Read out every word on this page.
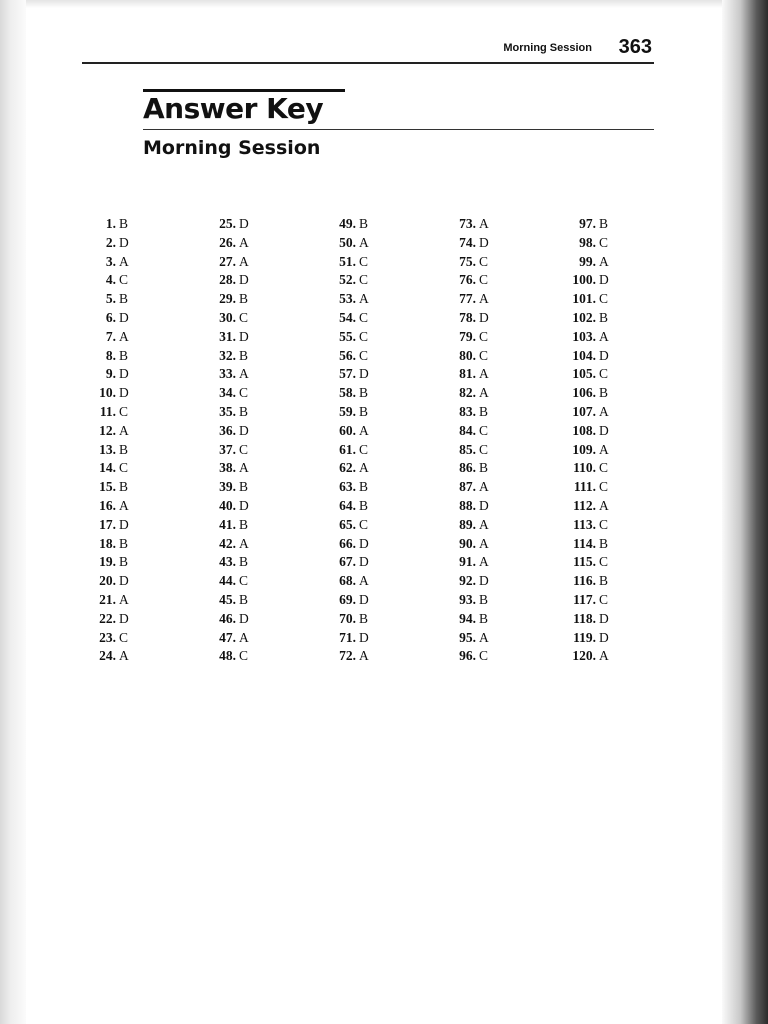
Morning Session 363
Answer Key
Morning Session
1. B
2. D
3. A
4. C
5. B
6. D
7. A
8. B
9. D
10. D
11. C
12. A
13. B
14. C
15. B
16. A
17. D
18. B
19. B
20. D
21. A
22. D
23. C
24. A
25. D
26. A
27. A
28. D
29. B
30. C
31. D
32. B
33. A
34. C
35. B
36. D
37. C
38. A
39. B
40. D
41. B
42. A
43. B
44. C
45. B
46. D
47. A
48. C
49. B
50. A
51. C
52. C
53. A
54. C
55. C
56. C
57. D
58. B
59. B
60. A
61. C
62. A
63. B
64. B
65. C
66. D
67. D
68. A
69. D
70. B
71. D
72. A
73. A
74. D
75. C
76. C
77. A
78. D
79. C
80. C
81. A
82. A
83. B
84. C
85. C
86. B
87. A
88. D
89. A
90. A
91. A
92. D
93. B
94. B
95. A
96. C
97. B
98. C
99. A
100. D
101. C
102. B
103. A
104. D
105. C
106. B
107. A
108. D
109. A
110. C
111. C
112. A
113. C
114. B
115. C
116. B
117. C
118. D
119. D
120. A
